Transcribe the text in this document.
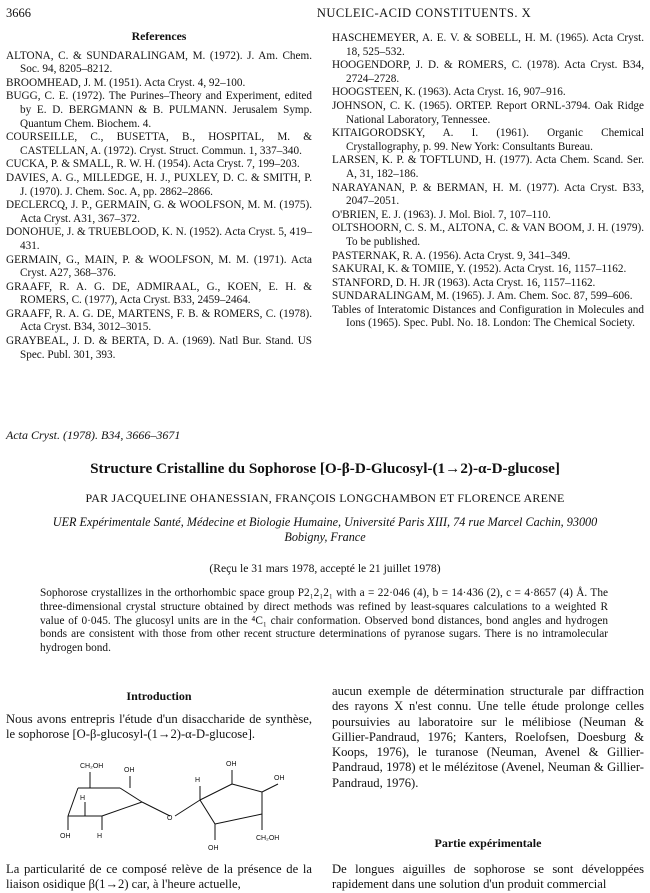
3666	NUCLEIC-ACID CONSTITUENTS. X
References

ALTONA, C. & SUNDARALINGAM, M. (1972). J. Am. Chem. Soc. 94, 8205–8212.

BROOMHEAD, J. M. (1951). Acta Cryst. 4, 92–100.

BUGG, C. E. (1972). The Purines–Theory and Experiment, edited by E. D. BERGMANN & B. PULMANN. Jerusalem Symp. Quantum Chem. Biochem. 4.

COURSEILLE, C., BUSETTA, B., HOSPITAL, M. & CASTELLAN, A. (1972). Cryst. Struct. Commun. 1, 337–340.

CUCKA, P. & SMALL, R. W. H. (1954). Acta Cryst. 7, 199–203.

DAVIES, A. G., MILLEDGE, H. J., PUXLEY, D. C. & SMITH, P. J. (1970). J. Chem. Soc. A, pp. 2862–2866.

DECLERCQ, J. P., GERMAIN, G. & WOOLFSON, M. M. (1975). Acta Cryst. A31, 367–372.

DONOHUE, J. & TRUEBLOOD, K. N. (1952). Acta Cryst. 5, 419–431.

GERMAIN, G., MAIN, P. & WOOLFSON, M. M. (1971). Acta Cryst. A27, 368–376.

GRAAFF, R. A. G. DE, ADMIRAAL, G., KOEN, E. H. & ROMERS, C. (1977), Acta Cryst. B33, 2459–2464.

GRAAFF, R. A. G. DE, MARTENS, F. B. & ROMERS, C. (1978). Acta Cryst. B34, 3012–3015.

GRAYBEAL, J. D. & BERTA, D. A. (1969). Natl Bur. Stand. US Spec. Publ. 301, 393.

HASCHEMEYER, A. E. V. & SOBELL, H. M. (1965). Acta Cryst. 18, 525–532.

HOOGENDORP, J. D. & ROMERS, C. (1978). Acta Cryst. B34, 2724–2728.

HOOGSTEEN, K. (1963). Acta Cryst. 16, 907–916.

JOHNSON, C. K. (1965). ORTEP. Report ORNL-3794. Oak Ridge National Laboratory, Tennessee.

KITAIGORODSKY, A. I. (1961). Organic Chemical Crystallography, p. 99. New York: Consultants Bureau.

LARSEN, K. P. & TOFTLUND, H. (1977). Acta Chem. Scand. Ser. A, 31, 182–186.

NARAYANAN, P. & BERMAN, H. M. (1977). Acta Cryst. B33, 2047–2051.

O'BRIEN, E. J. (1963). J. Mol. Biol. 7, 107–110.

OLTSHOORN, C. S. M., ALTONA, C. & VAN BOOM, J. H. (1979). To be published.

PASTERNAK, R. A. (1956). Acta Cryst. 9, 341–349.

SAKURAI, K. & TOMIIE, Y. (1952). Acta Cryst. 16, 1157–1162.

STANFORD, D. H. JR (1963). Acta Cryst. 16, 1157–1162.

SUNDARALINGAM, M. (1965). J. Am. Chem. Soc. 87, 599–606.

Tables of Interatomic Distances and Configuration in Molecules and Ions (1965). Spec. Publ. No. 18. London: The Chemical Society.

Acta Cryst. (1978). B34, 3666–3671
Structure Cristalline du Sophorose [O-β-D-Glucosyl-(1→2)-α-D-glucose]
PAR JACQUELINE OHANESSIAN, FRANÇOIS LONGCHAMBON ET FLORENCE ARENE
UER Expérimentale Santé, Médecine et Biologie Humaine, Université Paris XIII, 74 rue Marcel Cachin, 93000 Bobigny, France
(Reçu le 31 mars 1978, accepté le 21 juillet 1978)
Sophorose crystallizes in the orthorhombic space group P2₁2₁2₁ with a = 22·046 (4), b = 14·436 (2), c = 4·8657 (4) Å. The three-dimensional crystal structure obtained by direct methods was refined by least-squares calculations to a weighted R value of 0·045. The glucosyl units are in the ⁴C₁ chair conformation. Observed bond distances, bond angles and hydrogen bonds are consistent with those from other recent structure determinations of pyranose sugars. There is no intramolecular hydrogen bond.
Introduction

Nous avons entrepris l'étude d'un disaccharide de synthèse, le sophorose [O-β-glucosyl-(1→2)-α-D-glucose].

CH₂OH
OH
OH	H
H
O
OH
H	OH
OH
CH₂OH

La particularité de ce composé relève de la présence de la liaison osidique β(1→2) car, à l'heure actuelle,

aucun exemple de détermination structurale par diffraction des rayons X n'est connu. Une telle étude prolonge celles poursuivies au laboratoire sur le mélibiose (Neuman & Gillier-Pandraud, 1976; Kanters, Roelofsen, Doesburg & Koops, 1976), le turanose (Neuman, Avenel & Gillier-Pandraud, 1978) et le mélézitose (Avenel, Neuman & Gillier-Pandraud, 1976).

Partie expérimentale

De longues aiguilles de sophorose se sont développées rapidement dans une solution d'un produit commercial
